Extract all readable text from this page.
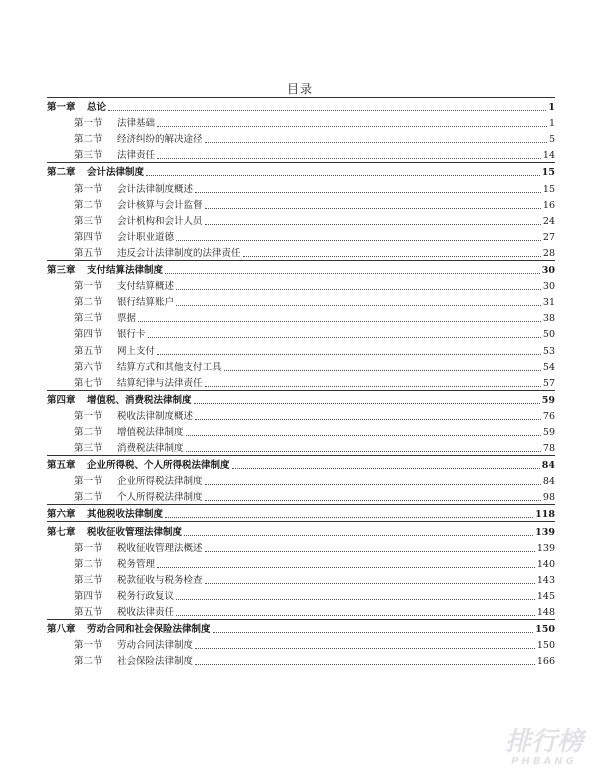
目录
第一章	总论	1
第一节	法律基础	1
第二节	经济纠纷的解决途径	5
第三节	法律责任	14
第二章	会计法律制度	15
第一节	会计法律制度概述	15
第二节	会计核算与会计监督	16
第三节	会计机构和会计人员	24
第四节	会计职业道德	27
第五节	违反会计法律制度的法律责任	28
第三章	支付结算法律制度	30
第一节	支付结算概述	30
第二节	银行结算账户	31
第三节	票据	38
第四节	银行卡	50
第五节	网上支付	53
第六节	结算方式和其他支付工具	54
第七节	结算纪律与法律责任	57
第四章	增值税、消费税法律制度	59
第一节	税收法律制度概述	76
第二节	增值税法律制度	59
第三节	消费税法律制度	78
第五章	企业所得税、个人所得税法律制度	84
第一节	企业所得税法律制度	84
第二节	个人所得税法律制度	98
第六章	其他税收法律制度	118
第七章	税收征收管理法律制度	139
第一节	税收征收管理法概述	139
第二节	税务管理	140
第三节	税款征收与税务检查	143
第四节	税务行政复议	145
第五节	税收法律责任	148
第八章	劳动合同和社会保险法律制度	150
第一节	劳动合同法律制度	150
第二节	社会保险法律制度	166
排行榜
PHBANG
